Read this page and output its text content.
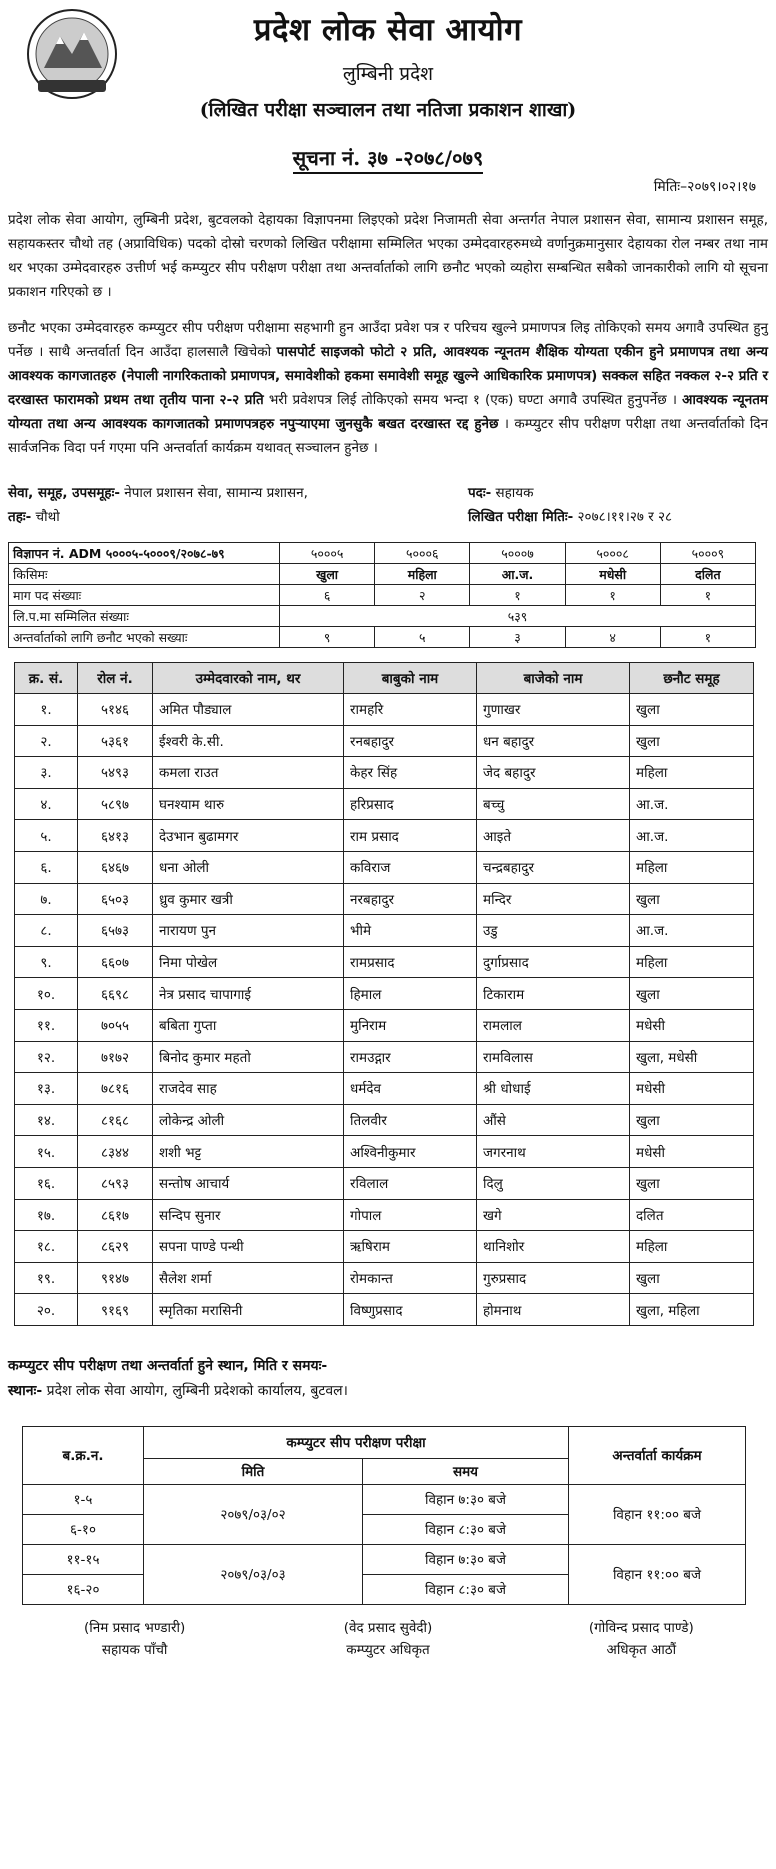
प्रदेश लोक सेवा आयोग
लुम्बिनी प्रदेश
(लिखित परीक्षा सञ्चालन तथा नतिजा प्रकाशन शाखा)
सूचना नं. ३७ -२०७८/०७९
मितिः–२०७९।०२।१७

प्रदेश लोक सेवा आयोग, लुम्बिनी प्रदेश, बुटवलको देहायका विज्ञापनमा लिइएको प्रदेश निजामती सेवा अन्तर्गत नेपाल प्रशासन सेवा, सामान्य प्रशासन समूह, सहायकस्तर चौथो तह (अप्राविधिक) पदको दोस्रो चरणको लिखित परीक्षामा सम्मिलित भएका उम्मेदवारहरुमध्ये वर्णानुक्रमानुसार देहायका रोल नम्बर तथा नाम थर भएका उम्मेदवारहरु उत्तीर्ण भई कम्प्युटर सीप परीक्षण परीक्षा तथा अन्तर्वार्ताको लागि छनौट भएको व्यहोरा सम्बन्धित सबैको जानकारीको लागि यो सूचना प्रकाशन गरिएको छ ।

छनौट भएका उम्मेदवारहरु कम्प्युटर सीप परीक्षण परीक्षामा सहभागी हुन आउँदा प्रवेश पत्र र परिचय खुल्ने प्रमाणपत्र लिइ तोकिएको समय अगावै उपस्थित हुनु पर्नेछ । साथै अन्तर्वार्ता दिन आउँदा हालसालै खिचेको पासपोर्ट साइजको फोटो २ प्रति, आवश्यक न्यूनतम शैक्षिक योग्यता एकीन हुने प्रमाणपत्र तथा अन्य आवश्यक कागजातहरु (नेपाली नागरिकताको प्रमाणपत्र, समावेशीको हकमा समावेशी समूह खुल्ने आधिकारिक प्रमाणपत्र) सक्कल सहित नक्कल २-२ प्रति र दरखास्त फारामको प्रथम तथा तृतीय पाना २-२ प्रति भरी प्रवेशपत्र लिई तोकिएको समय भन्दा १ (एक) घण्टा अगावै उपस्थित हुनुपर्नेछ । आवश्यक न्यूनतम योग्यता तथा अन्य आवश्यक कागजातको प्रमाणपत्रहरु नपुऱ्याएमा जुनसुकै बखत दरखास्त रद्द हुनेछ । कम्प्युटर सीप परीक्षण परीक्षा तथा अन्तर्वार्ताको दिन सार्वजनिक विदा पर्न गएमा पनि अन्तर्वार्ता कार्यक्रम यथावत् सञ्चालन हुनेछ ।

सेवा, समूह, उपसमूहः- नेपाल प्रशासन सेवा, सामान्य प्रशासन,	पदः- सहायक
तहः- चौथो	लिखित परीक्षा मितिः- २०७८।११।२७ र २८
विज्ञापन नं. ADM ५०००५-५०००९/२०७८-७९	५०००५	५०००६	५०००७	५०००८	५०००९
किसिमः	खुला	महिला	आ.ज.	मधेसी	दलित
माग पद संख्याः	६	२	१	१	१
लि.प.मा सम्मिलित संख्याः	५३९				
अन्तर्वार्ताको लागि छनौट भएको सख्याः	९	५	३	४	१
क्र. सं.	रोल नं.	उम्मेदवारको नाम, थर	बाबुको नाम	बाजेको नाम	छनौट समूह
१.	५१४६	अमित पौड्याल	रामहरि	गुणाखर	खुला
२.	५३६१	ईश्वरी के.सी.	रनबहादुर	धन बहादुर	खुला
३.	५४९३	कमला राउत	केहर सिंह	जेद बहादुर	महिला
४.	५८९७	घनश्याम थारु	हरिप्रसाद	बच्चु	आ.ज.
५.	६४१३	देउभान बुढामगर	राम प्रसाद	आइते	आ.ज.
६.	६४६७	धना ओली	कविराज	चन्द्रबहादुर	महिला
७.	६५०३	ध्रुव कुमार खत्री	नरबहादुर	मन्दिर	खुला
८.	६५७३	नारायण पुन	भीमे	उडु	आ.ज.
९.	६६०७	निमा पोखेल	रामप्रसाद	दुर्गाप्रसाद	महिला
१०.	६६९८	नेत्र प्रसाद चापागाई	हिमाल	टिकाराम	खुला
११.	७०५५	बबिता गुप्ता	मुनिराम	रामलाल	मधेसी
१२.	७१७२	बिनोद कुमार महतो	रामउद्गार	रामविलास	खुला, मधेसी
१३.	७८१६	राजदेव साह	धर्मदेव	श्री धोधाई	मधेसी
१४.	८१६८	लोकेन्द्र ओली	तिलवीर	औंसे	खुला
१५.	८३४४	शशी भट्ट	अश्विनीकुमार	जगरनाथ	मधेसी
१६.	८५९३	सन्तोष आचार्य	रविलाल	दिलु	खुला
१७.	८६१७	सन्दिप सुनार	गोपाल	खगे	दलित
१८.	८६२९	सपना पाण्डे पन्थी	ऋषिराम	थानिशोर	महिला
१९.	९१४७	सैलेश शर्मा	रोमकान्त	गुरुप्रसाद	खुला
२०.	९१६९	स्मृतिका मरासिनी	विष्णुप्रसाद	होमनाथ	खुला, महिला
कम्प्युटर सीप परीक्षण तथा अन्तर्वार्ता हुने स्थान, मिति र समयः-
स्थानः- प्रदेश लोक सेवा आयोग, लुम्बिनी प्रदेशको कार्यालय, बुटवल।
ब.क्र.न.	कम्प्युटर सीप परीक्षण परीक्षा		अन्तर्वार्ता कार्यक्रम
	मिति	समय	
१-५	२०७९/०३/०२	विहान ७:३० बजे	विहान ११:०० बजे
६-१०		विहान ८:३० बजे	
११-१५	२०७९/०३/०३	विहान ७:३० बजे	विहान ११:०० बजे
१६-२०		विहान ८:३० बजे	
(निम प्रसाद भण्डारी)
सहायक पाँचौ
(वेद प्रसाद सुवेदी)
कम्प्युटर अधिकृत
(गोविन्द प्रसाद पाण्डे)
अधिकृत आठौं
